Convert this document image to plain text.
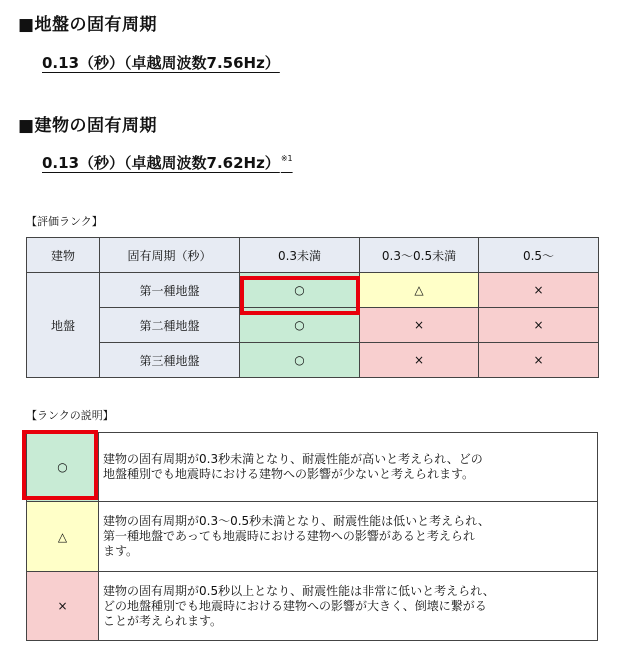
■地盤の固有周期
0.13（秒）（卓越周波数7.56Hz）
■建物の固有周期
0.13（秒）（卓越周波数7.62Hz）$^{※1}$
【評価ランク】
建物	固有周期（秒）	0.3未満	0.3〜0.5未満	0.5〜
地盤	第一種地盤	○	△	×
	第二種地盤	○	×	×
	第三種地盤	○	×	×
【ランクの説明】
○	建物の固有周期が0.3秒未満となり、耐震性能が高いと考えられ、どの
地盤種別でも地震時における建物への影響が少ないと考えられます。

△	建物の固有周期が0.3〜0.5秒未満となり、耐震性能は低いと考えられ、
第一種地盤であっても地震時における建物への影響があると考えられ
ます。

×	建物の固有周期が0.5秒以上となり、耐震性能は非常に低いと考えられ、
どの地盤種別でも地震時における建物への影響が大きく、倒壊に繋がる
ことが考えられます。
